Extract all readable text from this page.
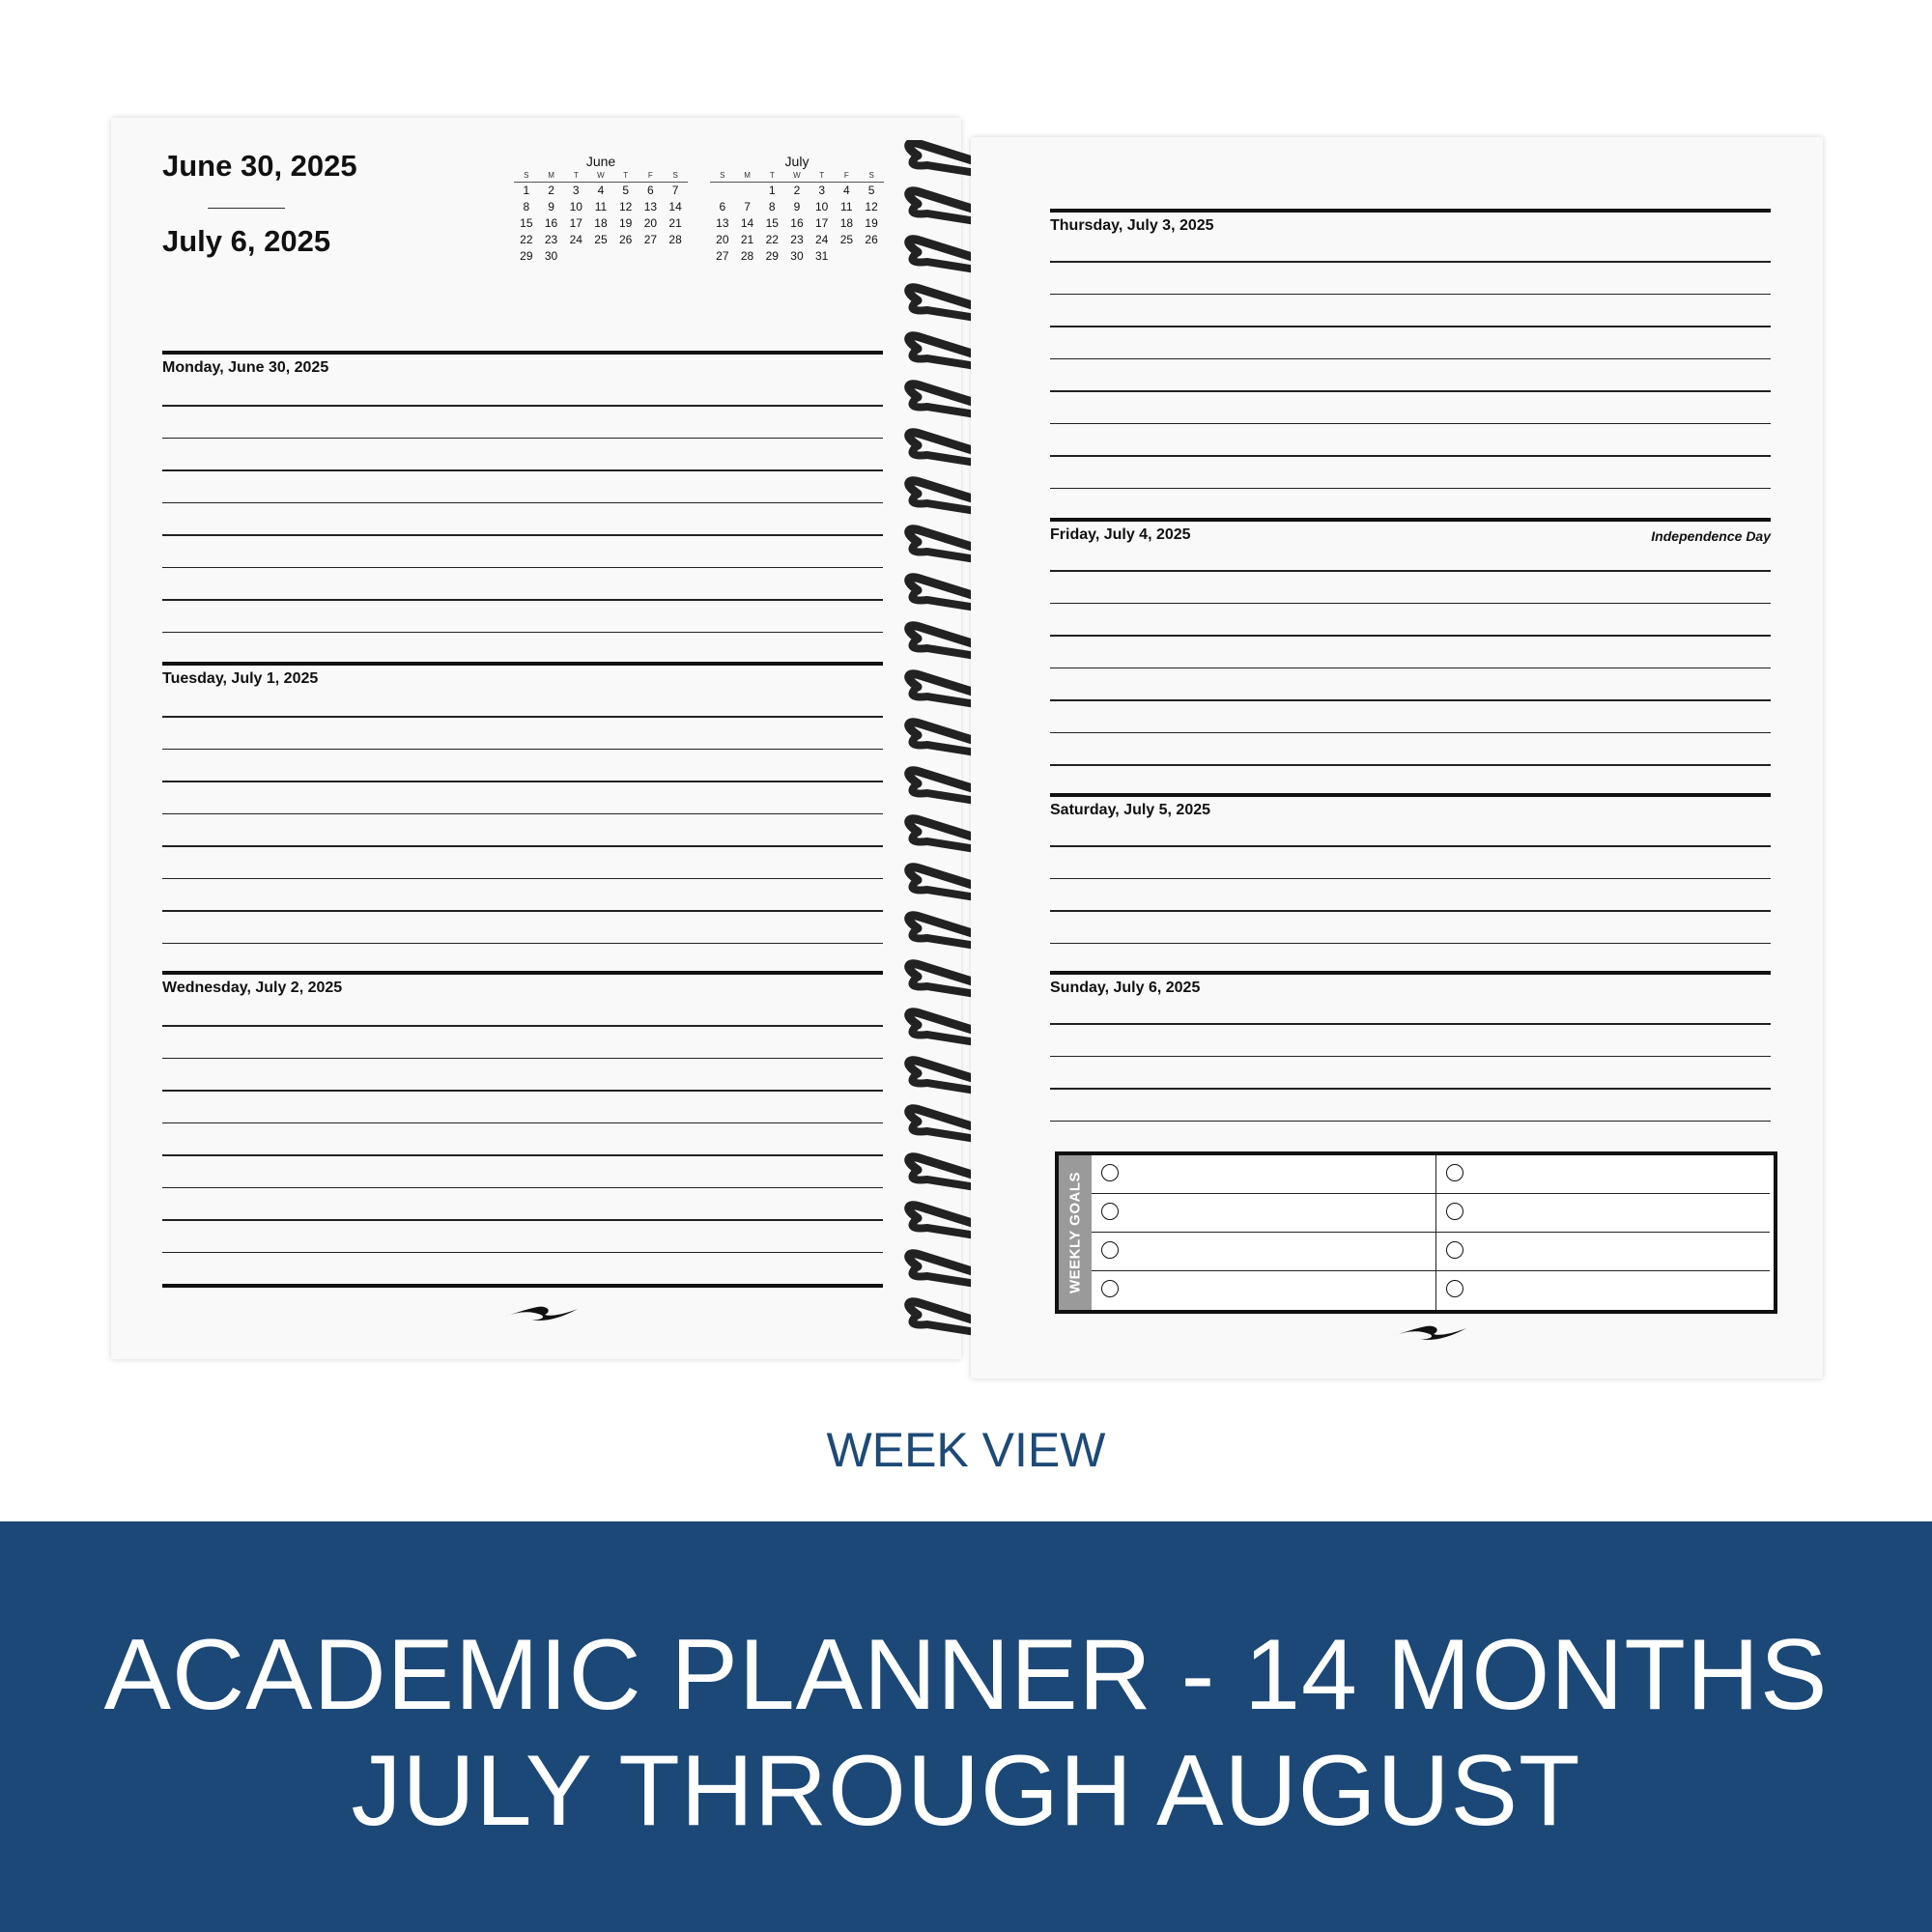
June 30, 2025
July 6, 2025
June
S	M	T	W	T	F	S
1	2	3	4	5	6	7
8	9	10	11	12	13	14
15	16	17	18	19	20	21
22	23	24	25	26	27	28
29	30					
July
S	M	T	W	T	F	S
		1	2	3	4	5
6	7	8	9	10	11	12
13	14	15	16	17	18	19
20	21	22	23	24	25	26
27	28	29	30	31		
Monday, June 30, 2025
Tuesday, July 1, 2025
Wednesday, July 2, 2025
Thursday, July 3, 2025
Friday, July 4, 2025	Independence Day
Saturday, July 5, 2025
Sunday, July 6, 2025
WEEKLY GOALS
WEEK VIEW
ACADEMIC PLANNER - 14 MONTHS
JULY THROUGH AUGUST
